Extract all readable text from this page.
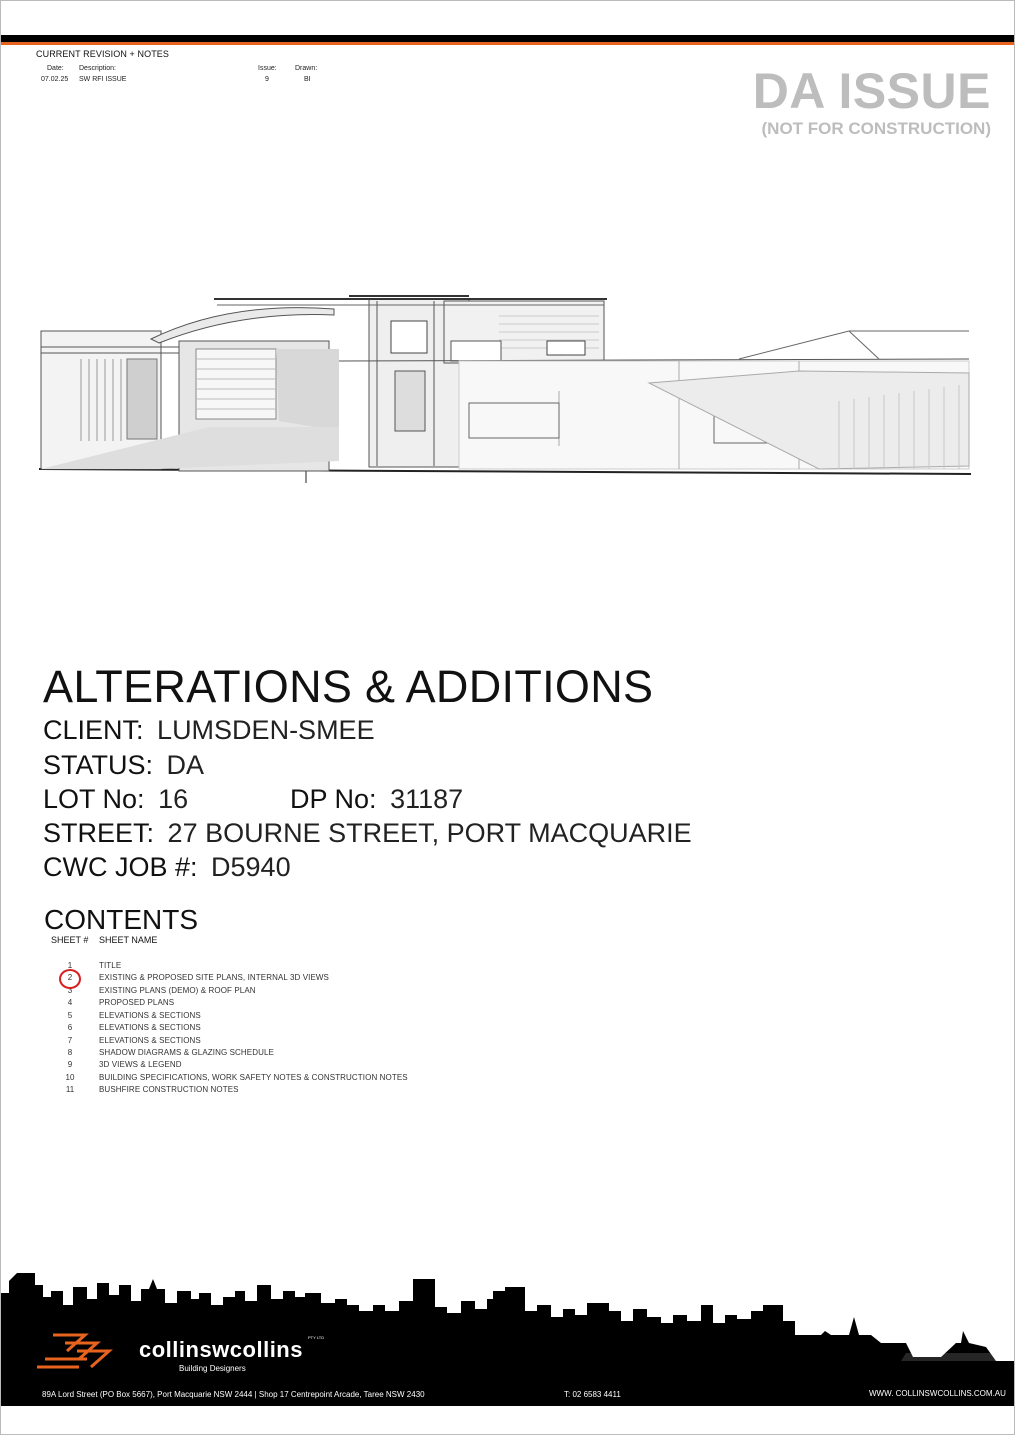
CURRENT REVISION + NOTES
Date: Description:	Issue:	Drawn:
07.02.25 SW RFI ISSUE	9	BI	DA ISSUE
(NOT FOR CONSTRUCTION)
ALTERATIONS & ADDITIONS
CLIENT: LUMSDEN-SMEE
STATUS: DA
LOT No: 16	DP No: 31187
STREET: 27 BOURNE STREET, PORT MACQUARIE
CWC JOB #: D5940
CONTENTS
SHEET # SHEET NAME
1	TITLE
2	EXISTING & PROPOSED SITE PLANS, INTERNAL 3D VIEWS
3	EXISTING PLANS (DEMO) & ROOF PLAN
4	PROPOSED PLANS
5	ELEVATIONS & SECTIONS
6	ELEVATIONS & SECTIONS
7	ELEVATIONS & SECTIONS
8	SHADOW DIAGRAMS & GLAZING SCHEDULE
9	3D VIEWS & LEGEND
10	BUILDING SPECIFICATIONS, WORK SAFETY NOTES & CONSTRUCTION NOTES
11	BUSHFIRE CONSTRUCTION NOTES
collinswcollins PTY LTD
Building Designers
89A Lord Street (PO Box 5667), Port Macquarie NSW 2444 | Shop 17 Centrepoint Arcade, Taree NSW 2430	T: 02 6583 4411	WWW. COLLINSWCOLLINS.COM.AU
